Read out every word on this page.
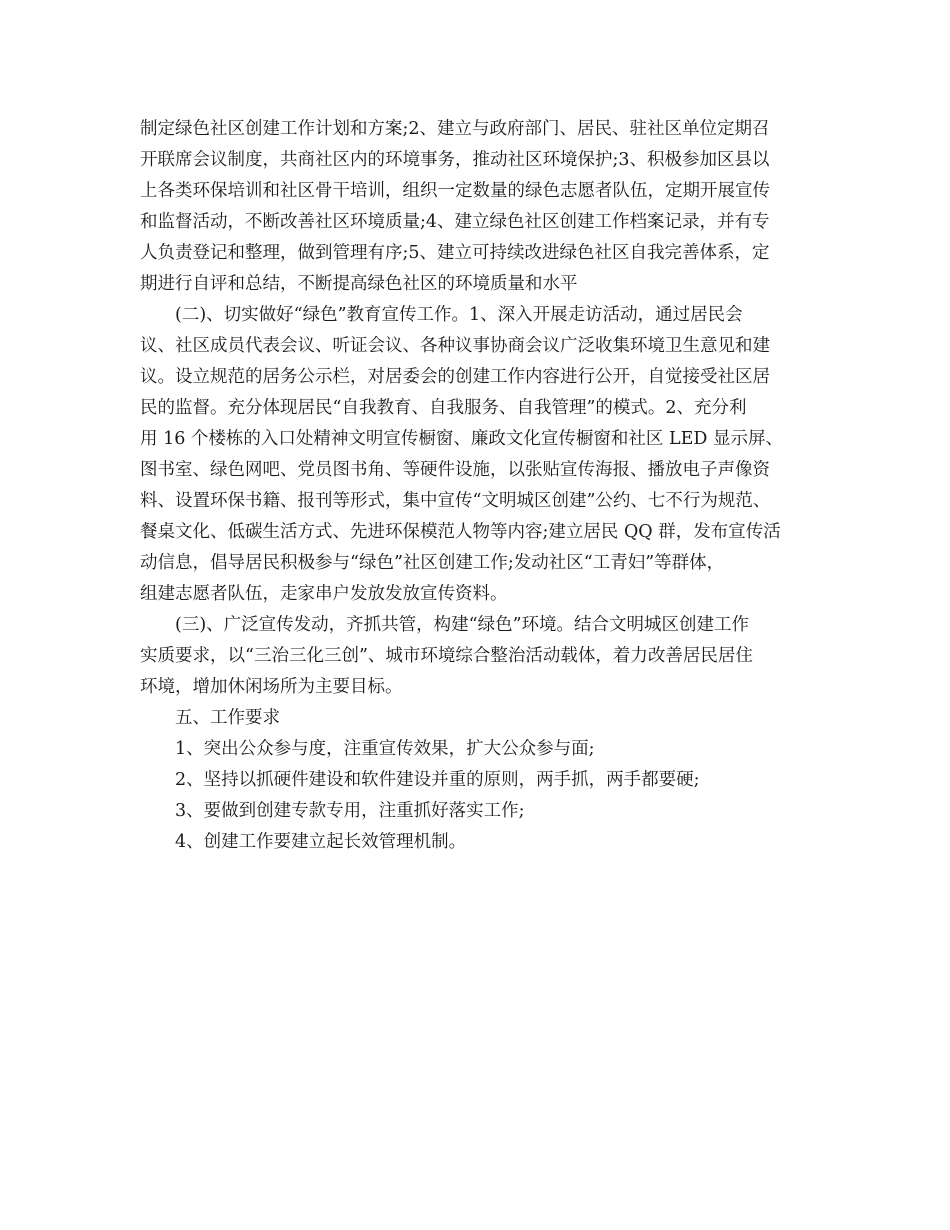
制定绿色社区创建工作计划和方案;2、建立与政府部门、居民、驻社区单位定期召
开联席会议制度，共商社区内的环境事务，推动社区环境保护;3、积极参加区县以
上各类环保培训和社区骨干培训，组织一定数量的绿色志愿者队伍，定期开展宣传
和监督活动，不断改善社区环境质量;4、建立绿色社区创建工作档案记录，并有专
人负责登记和整理，做到管理有序;5、建立可持续改进绿色社区自我完善体系，定
期进行自评和总结，不断提高绿色社区的环境质量和水平
(二)、切实做好“绿色”教育宣传工作。1、深入开展走访活动，通过居民会
议、社区成员代表会议、听证会议、各种议事协商会议广泛收集环境卫生意见和建
议。设立规范的居务公示栏，对居委会的创建工作内容进行公开，自觉接受社区居
民的监督。充分体现居民“自我教育、自我服务、自我管理”的模式。2、充分利
用 16 个楼栋的入口处精神文明宣传橱窗、廉政文化宣传橱窗和社区 LED 显示屏、
图书室、绿色网吧、党员图书角、等硬件设施，以张贴宣传海报、播放电子声像资
料、设置环保书籍、报刊等形式，集中宣传“文明城区创建”公约、七不行为规范、
餐桌文化、低碳生活方式、先进环保模范人物等内容;建立居民 QQ 群，发布宣传活
动信息，倡导居民积极参与“绿色”社区创建工作;发动社区“工青妇”等群体，
组建志愿者队伍，走家串户发放发放宣传资料。
(三)、广泛宣传发动，齐抓共管，构建“绿色”环境。结合文明城区创建工作
实质要求，以“三治三化三创”、城市环境综合整治活动载体，着力改善居民居住
环境，增加休闲场所为主要目标。
五、工作要求
1、突出公众参与度，注重宣传效果，扩大公众参与面;
2、坚持以抓硬件建设和软件建设并重的原则，两手抓，两手都要硬;
3、要做到创建专款专用，注重抓好落实工作;
4、创建工作要建立起长效管理机制。
